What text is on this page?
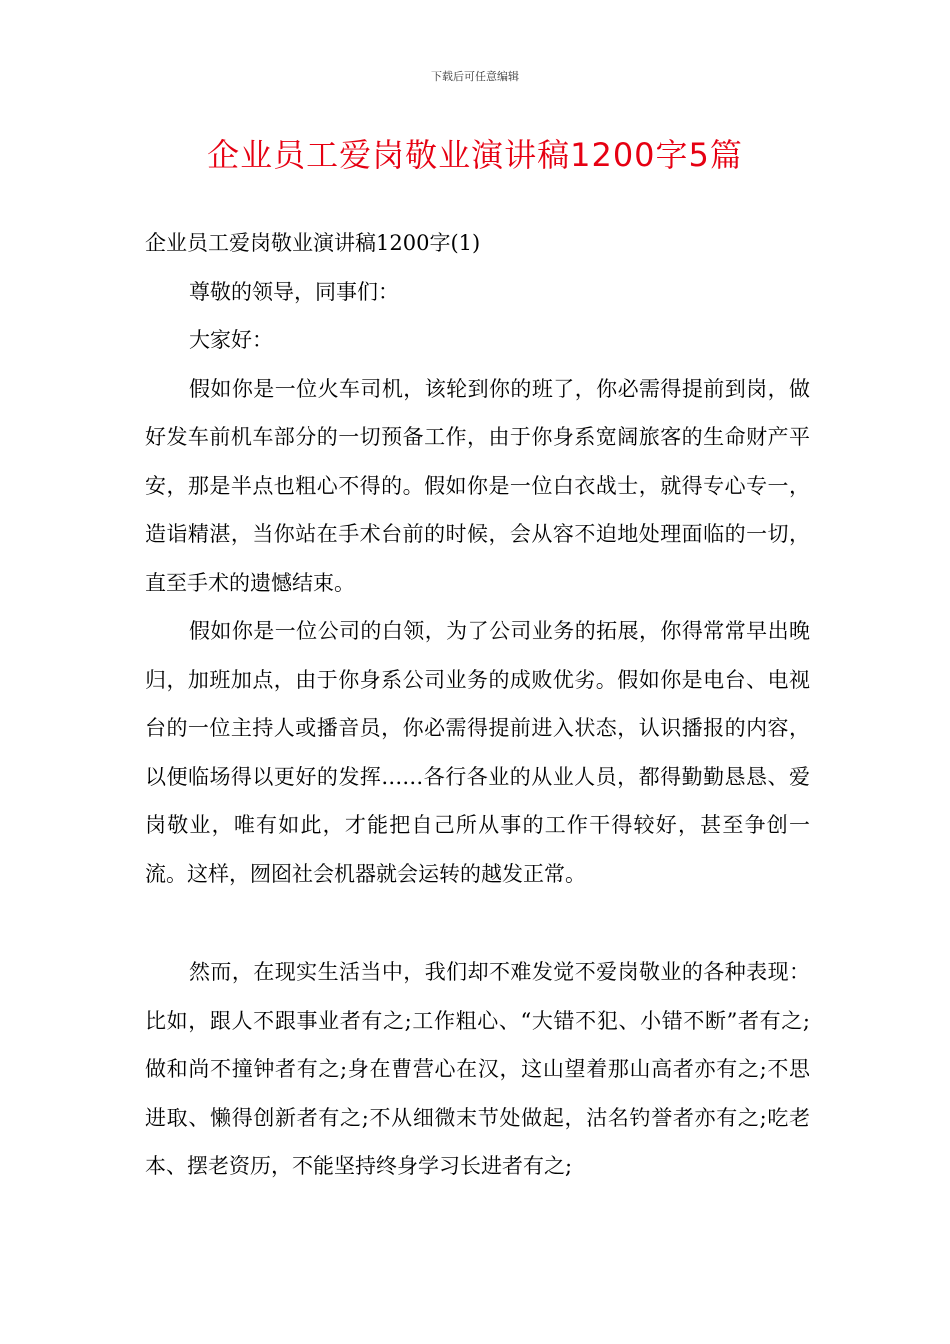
下载后可任意编辑
企业员工爱岗敬业演讲稿1200字5篇

企业员工爱岗敬业演讲稿1200字(1)

尊敬的领导，同事们：

大家好：

假如你是一位火车司机，该轮到你的班了，你必需得提前到岗，做好发车前机车部分的一切预备工作，由于你身系宽阔旅客的生命财产平安，那是半点也粗心不得的。假如你是一位白衣战士，就得专心专一，造诣精湛，当你站在手术台前的时候，会从容不迫地处理面临的一切，直至手术的遗憾结束。

假如你是一位公司的白领，为了公司业务的拓展，你得常常早出晚归，加班加点，由于你身系公司业务的成败优劣。假如你是电台、电视台的一位主持人或播音员，你必需得提前进入状态，认识播报的内容，以便临场得以更好的发挥……各行各业的从业人员，都得勤勤恳恳、爱岗敬业，唯有如此，才能把自己所从事的工作干得较好，甚至争创一流。这样，囫囵社会机器就会运转的越发正常。

然而，在现实生活当中，我们却不难发觉不爱岗敬业的各种表现：比如，跟人不跟事业者有之;工作粗心、“大错不犯、小错不断”者有之;做和尚不撞钟者有之;身在曹营心在汉，这山望着那山高者亦有之;不思进取、懒得创新者有之;不从细微末节处做起，沽名钓誉者亦有之;吃老本、摆老资历，不能坚持终身学习长进者有之;
